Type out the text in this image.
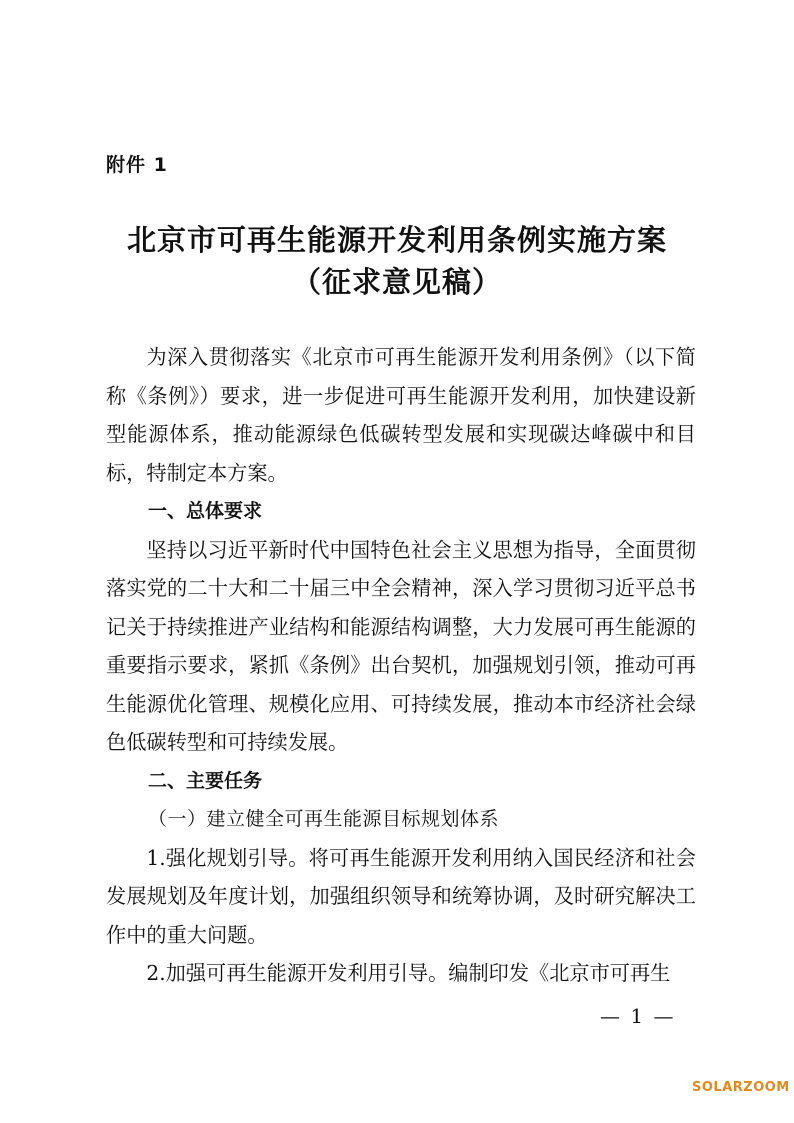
附件 1
北京市可再生能源开发利用条例实施方案
（征求意见稿）

为深入贯彻落实《北京市可再生能源开发利用条例》（以下简称《条例》）要求，进一步促进可再生能源开发利用，加快建设新型能源体系，推动能源绿色低碳转型发展和实现碳达峰碳中和目标，特制定本方案。

一、总体要求

坚持以习近平新时代中国特色社会主义思想为指导，全面贯彻落实党的二十大和二十届三中全会精神，深入学习贯彻习近平总书记关于持续推进产业结构和能源结构调整，大力发展可再生能源的重要指示要求，紧抓《条例》出台契机，加强规划引领，推动可再生能源优化管理、规模化应用、可持续发展，推动本市经济社会绿色低碳转型和可持续发展。

二、主要任务

（一）建立健全可再生能源目标规划体系

1.强化规划引导。将可再生能源开发利用纳入国民经济和社会发展规划及年度计划，加强组织领导和统筹协调，及时研究解决工作中的重大问题。

2.加强可再生能源开发利用引导。编制印发《北京市可再生

— 1 —
SOLARZOOM
